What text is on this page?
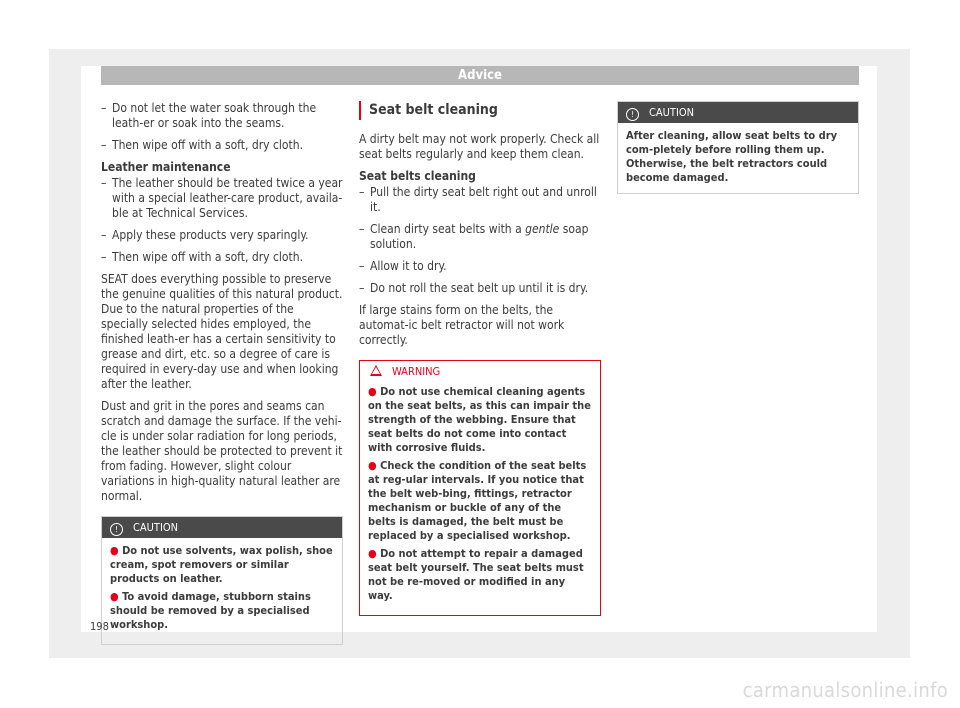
Advice
– Do not let the water soak through the leath-er or soak into the seams.
– Then wipe off with a soft, dry cloth.
Leather maintenance
– The leather should be treated twice a year with a special leather-care product, availa-ble at Technical Services.
– Apply these products very sparingly.
– Then wipe off with a soft, dry cloth.

SEAT does everything possible to preserve the genuine qualities of this natural product. Due to the natural properties of the specially selected hides employed, the finished leath-er has a certain sensitivity to grease and dirt, etc. so a degree of care is required in every-day use and when looking after the leather.

Dust and grit in the pores and seams can scratch and damage the surface. If the vehi-cle is under solar radiation for long periods, the leather should be protected to prevent it from fading. However, slight colour variations in high-quality natural leather are normal.

! CAUTION
● Do not use solvents, wax polish, shoe cream, spot removers or similar products on leather.
● To avoid damage, stubborn stains should be removed by a specialised workshop.
Seat belt cleaning

A dirty belt may not work properly. Check all seat belts regularly and keep them clean.

Seat belts cleaning
– Pull the dirty seat belt right out and unroll it.
– Clean dirty seat belts with a gentle soap solution.
– Allow it to dry.
– Do not roll the seat belt up until it is dry.

If large stains form on the belts, the automat-ic belt retractor will not work correctly.

WARNING
● Do not use chemical cleaning agents on the seat belts, as this can impair the strength of the webbing. Ensure that seat belts do not come into contact with corrosive fluids.
● Check the condition of the seat belts at reg-ular intervals. If you notice that the belt web-bing, fittings, retractor mechanism or buckle of any of the belts is damaged, the belt must be replaced by a specialised workshop.
● Do not attempt to repair a damaged seat belt yourself. The seat belts must not be re-moved or modified in any way.
! CAUTION
After cleaning, allow seat belts to dry com-pletely before rolling them up. Otherwise, the belt retractors could become damaged.
198
carmanualsonline.info
